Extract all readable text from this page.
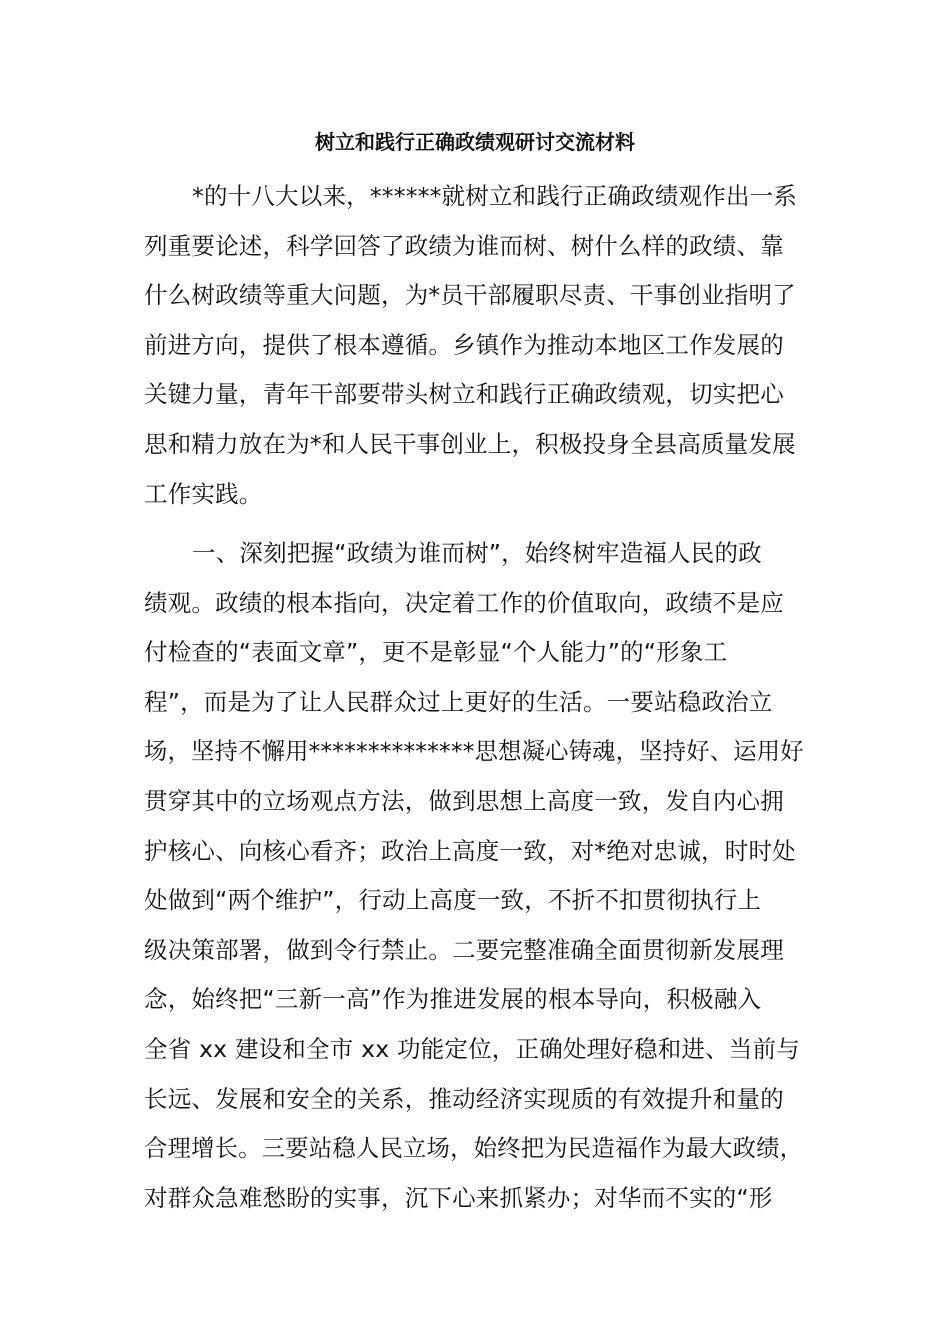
树立和践行正确政绩观研讨交流材料
*的十八大以来，******就树立和践行正确政绩观作出一系
列重要论述，科学回答了政绩为谁而树、树什么样的政绩、靠
什么树政绩等重大问题，为*员干部履职尽责、干事创业指明了
前进方向，提供了根本遵循。乡镇作为推动本地区工作发展的
关键力量，青年干部要带头树立和践行正确政绩观，切实把心
思和精力放在为*和人民干事创业上，积极投身全县高质量发展
工作实践。
一、深刻把握“政绩为谁而树”，始终树牢造福人民的政
绩观。政绩的根本指向，决定着工作的价值取向，政绩不是应
付检查的“表面文章”，更不是彰显“个人能力”的“形象工
程”，而是为了让人民群众过上更好的生活。一要站稳政治立
场，坚持不懈用**************思想凝心铸魂，坚持好、运用好
贯穿其中的立场观点方法，做到思想上高度一致，发自内心拥
护核心、向核心看齐；政治上高度一致，对*绝对忠诚，时时处
处做到“两个维护”，行动上高度一致，不折不扣贯彻执行上
级决策部署，做到令行禁止。二要完整准确全面贯彻新发展理
念，始终把“三新一高”作为推进发展的根本导向，积极融入
全省 xx 建设和全市 xx 功能定位，正确处理好稳和进、当前与
长远、发展和安全的关系，推动经济实现质的有效提升和量的
合理增长。三要站稳人民立场，始终把为民造福作为最大政绩，
对群众急难愁盼的实事，沉下心来抓紧办；对华而不实的“形
